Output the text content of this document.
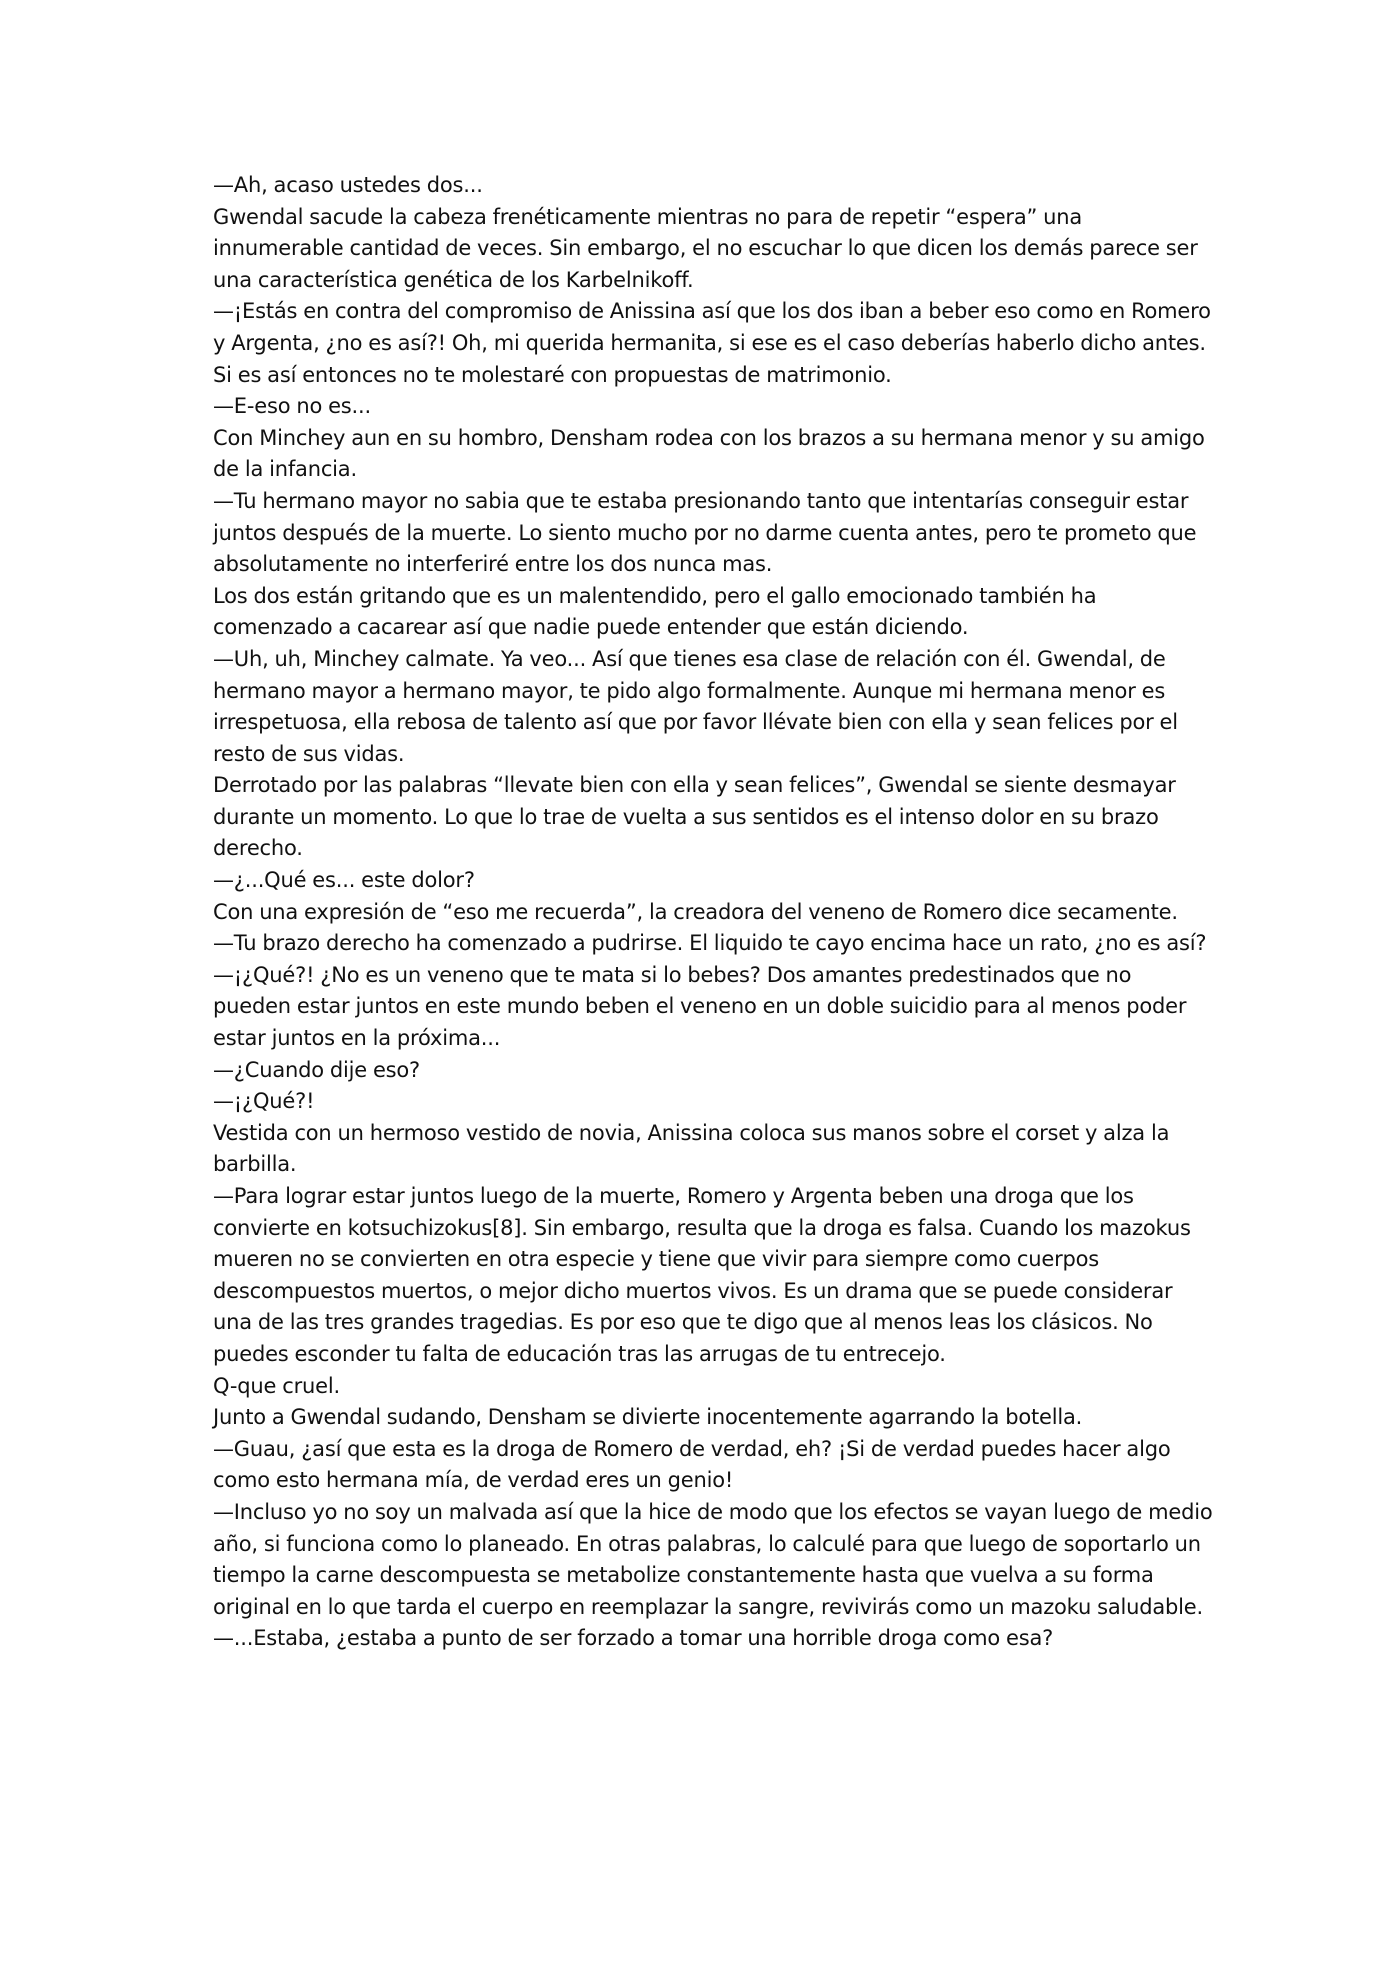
—Ah, acaso ustedes dos...

Gwendal sacude la cabeza frenéticamente mientras no para de repetir “espera” una innumerable cantidad de veces. Sin embargo, el no escuchar lo que dicen los demás parece ser una característica genética de los Karbelnikoff.

—¡Estás en contra del compromiso de Anissina así que los dos iban a beber eso como en Romero y Argenta, ¿no es así?! Oh, mi querida hermanita, si ese es el caso deberías haberlo dicho antes. Si es así entonces no te molestaré con propuestas de matrimonio.

—E-eso no es...

Con Minchey aun en su hombro, Densham rodea con los brazos a su hermana menor y su amigo de la infancia.

—Tu hermano mayor no sabia que te estaba presionando tanto que intentarías conseguir estar juntos después de la muerte. Lo siento mucho por no darme cuenta antes, pero te prometo que absolutamente no interferiré entre los dos nunca mas.

Los dos están gritando que es un malentendido, pero el gallo emocionado también ha comenzado a cacarear así que nadie puede entender que están diciendo.

—Uh, uh, Minchey calmate. Ya veo... Así que tienes esa clase de relación con él. Gwendal, de hermano mayor a hermano mayor, te pido algo formalmente. Aunque mi hermana menor es irrespetuosa, ella rebosa de talento así que por favor llévate bien con ella y sean felices por el resto de sus vidas.

Derrotado por las palabras “llevate bien con ella y sean felices”, Gwendal se siente desmayar durante un momento. Lo que lo trae de vuelta a sus sentidos es el intenso dolor en su brazo derecho.

—¿...Qué es... este dolor?

Con una expresión de “eso me recuerda”, la creadora del veneno de Romero dice secamente.

—Tu brazo derecho ha comenzado a pudrirse. El liquido te cayo encima hace un rato, ¿no es así?

—¡¿Qué?! ¿No es un veneno que te mata si lo bebes? Dos amantes predestinados que no pueden estar juntos en este mundo beben el veneno en un doble suicidio para al menos poder estar juntos en la próxima...

—¿Cuando dije eso?

—¡¿Qué?!

Vestida con un hermoso vestido de novia, Anissina coloca sus manos sobre el corset y alza la barbilla.

—Para lograr estar juntos luego de la muerte, Romero y Argenta beben una droga que los convierte en kotsuchizokus[8]. Sin embargo, resulta que la droga es falsa. Cuando los mazokus mueren no se convierten en otra especie y tiene que vivir para siempre como cuerpos descompuestos muertos, o mejor dicho muertos vivos. Es un drama que se puede considerar una de las tres grandes tragedias. Es por eso que te digo que al menos leas los clásicos. No puedes esconder tu falta de educación tras las arrugas de tu entrecejo.

Q-que cruel.

Junto a Gwendal sudando, Densham se divierte inocentemente agarrando la botella.

—Guau, ¿así que esta es la droga de Romero de verdad, eh? ¡Si de verdad puedes hacer algo como esto hermana mía, de verdad eres un genio!

—Incluso yo no soy un malvada así que la hice de modo que los efectos se vayan luego de medio año, si funciona como lo planeado. En otras palabras, lo calculé para que luego de soportarlo un tiempo la carne descompuesta se metabolize constantemente hasta que vuelva a su forma original en lo que tarda el cuerpo en reemplazar la sangre, revivirás como un mazoku saludable.

—...Estaba, ¿estaba a punto de ser forzado a tomar una horrible droga como esa?
